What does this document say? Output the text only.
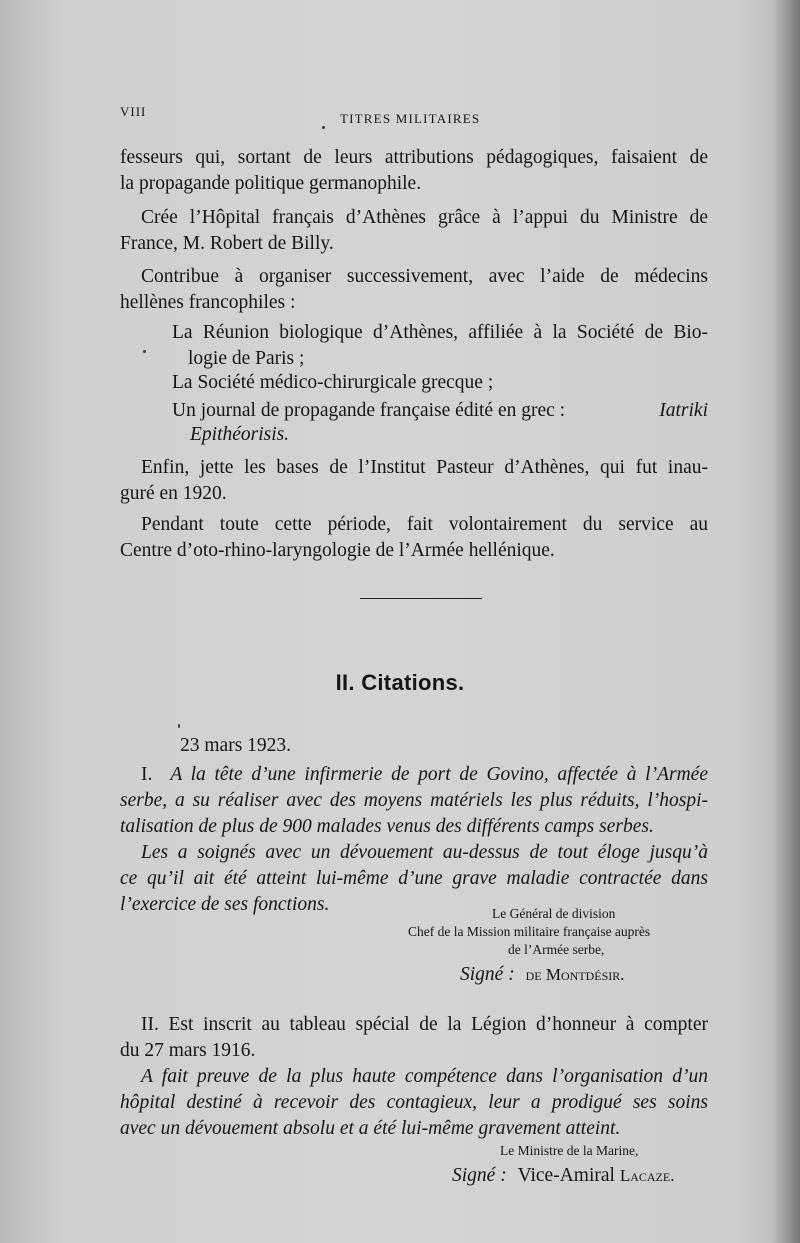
VIII	TITRES MILITAIRES

fesseurs qui, sortant de leurs attributions pédagogiques, faisaient de

la propagande politique germanophile.

Crée l’Hôpital français d’Athènes grâce à l’appui du Ministre de

France, M. Robert de Billy.

Contribue à organiser successivement, avec l’aide de médecins

hellènes francophiles :

La Réunion biologique d’Athènes, affiliée à la Société de Bio-

logie de Paris ;

La Société médico-chirurgicale grecque ;

Un journal de propagande française édité en grec :	Iatriki

Epithéorisis.

Enfin, jette les bases de l’Institut Pasteur d’Athènes, qui fut inau-

guré en 1920.

Pendant toute cette période, fait volontairement du service au

Centre d’oto-rhino-laryngologie de l’Armée hellénique.

II. Citations.

23 mars 1923.

I. A la tête d’une infirmerie de port de Govino, affectée à l’Armée

serbe, a su réaliser avec des moyens matériels les plus réduits, l’hospi-

talisation de plus de 900 malades venus des différents camps serbes.

Les a soignés avec un dévouement au-dessus de tout éloge jusqu’à

ce qu’il ait été atteint lui-même d’une grave maladie contractée dans

l’exercice de ses fonctions.	Le Général de division
Chef de la Mission militaire française auprès
de l’Armée serbe,

Signé : de Montdésir.

II. Est inscrit au tableau spécial de la Légion d’honneur à compter

du 27 mars 1916.

A fait preuve de la plus haute compétence dans l’organisation d’un

hôpital destiné à recevoir des contagieux, leur a prodigué ses soins

avec un dévouement absolu et a été lui-même gravement atteint.

Le Ministre de la Marine,

Signé : Vice-Amiral Lacaze.
